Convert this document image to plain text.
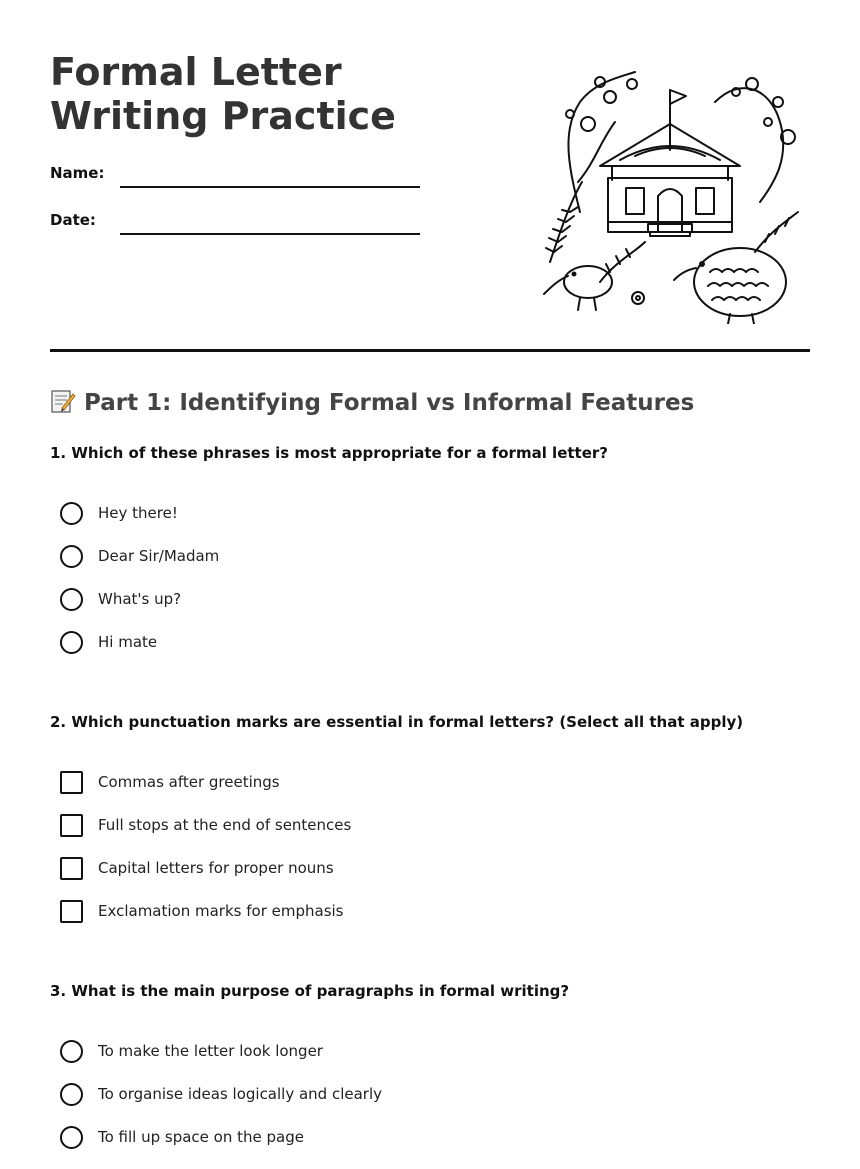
Formal Letter Writing Practice
Name:
Date:
Part 1: Identifying Formal vs Informal Features

1. Which of these phrases is most appropriate for a formal letter?

Hey there!
Dear Sir/Madam
What's up?
Hi mate

2. Which punctuation marks are essential in formal letters? (Select all that apply)

Commas after greetings
Full stops at the end of sentences
Capital letters for proper nouns
Exclamation marks for emphasis

3. What is the main purpose of paragraphs in formal writing?

To make the letter look longer
To organise ideas logically and clearly
To fill up space on the page
